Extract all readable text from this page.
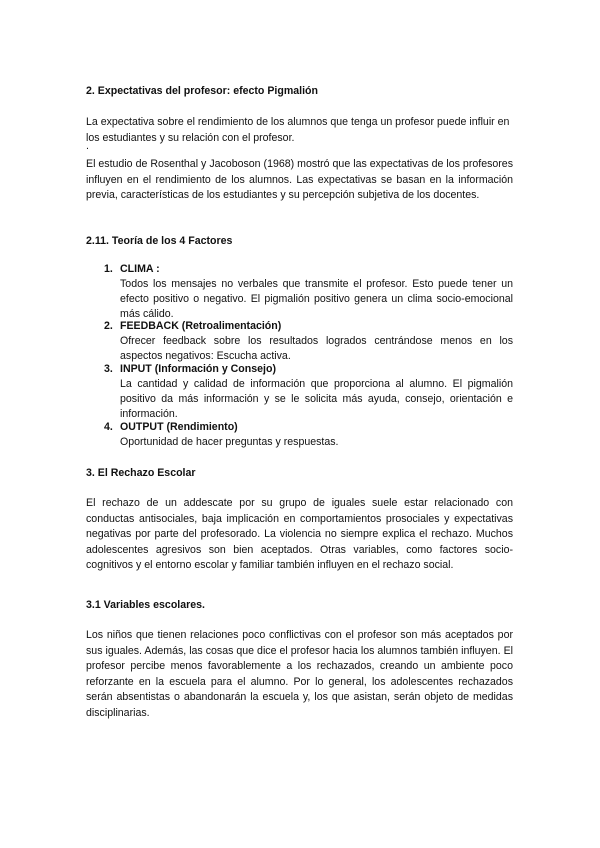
2. Expectativas del profesor: efecto Pigmalión

La expectativa sobre el rendimiento de los alumnos que tenga un profesor puede influir en los estudiantes y su relación con el profesor.

.

El estudio de Rosenthal y Jacoboson (1968) mostró que las expectativas de los profesores influyen en el rendimiento de los alumnos. Las expectativas se basan en la información previa, características de los estudiantes y su percepción subjetiva de los docentes.

2.11. Teoría de los 4 Factores
1. CLIMA :
Todos los mensajes no verbales que transmite el profesor. Esto puede tener un efecto positivo o negativo. El pigmalión positivo genera un clima socio-emocional más cálido.
2. FEEDBACK (Retroalimentación)
Ofrecer feedback sobre los resultados logrados centrándose menos en los aspectos negativos: Escucha activa.
3. INPUT (Información y Consejo)
La cantidad y calidad de información que proporciona al alumno. El pigmalión positivo da más información y se le solicita más ayuda, consejo, orientación e información.
4. OUTPUT (Rendimiento)
Oportunidad de hacer preguntas y respuestas.
3. El Rechazo Escolar

El rechazo de un addescate por su grupo de iguales suele estar relacionado con conductas antisociales, baja implicación en comportamientos prosociales y expectativas negativas por parte del profesorado. La violencia no siempre explica el rechazo. Muchos adolescentes agresivos son bien aceptados. Otras variables, como factores socio-cognitivos y el entorno escolar y familiar también influyen en el rechazo social.

3.1 Variables escolares.

Los niños que tienen relaciones poco conflictivas con el profesor son más aceptados por sus iguales. Además, las cosas que dice el profesor hacia los alumnos también influyen. El profesor percibe menos favorablemente a los rechazados, creando un ambiente poco reforzante en la escuela para el alumno. Por lo general, los adolescentes rechazados serán absentistas o abandonarán la escuela y, los que asistan, serán objeto de medidas disciplinarias.
